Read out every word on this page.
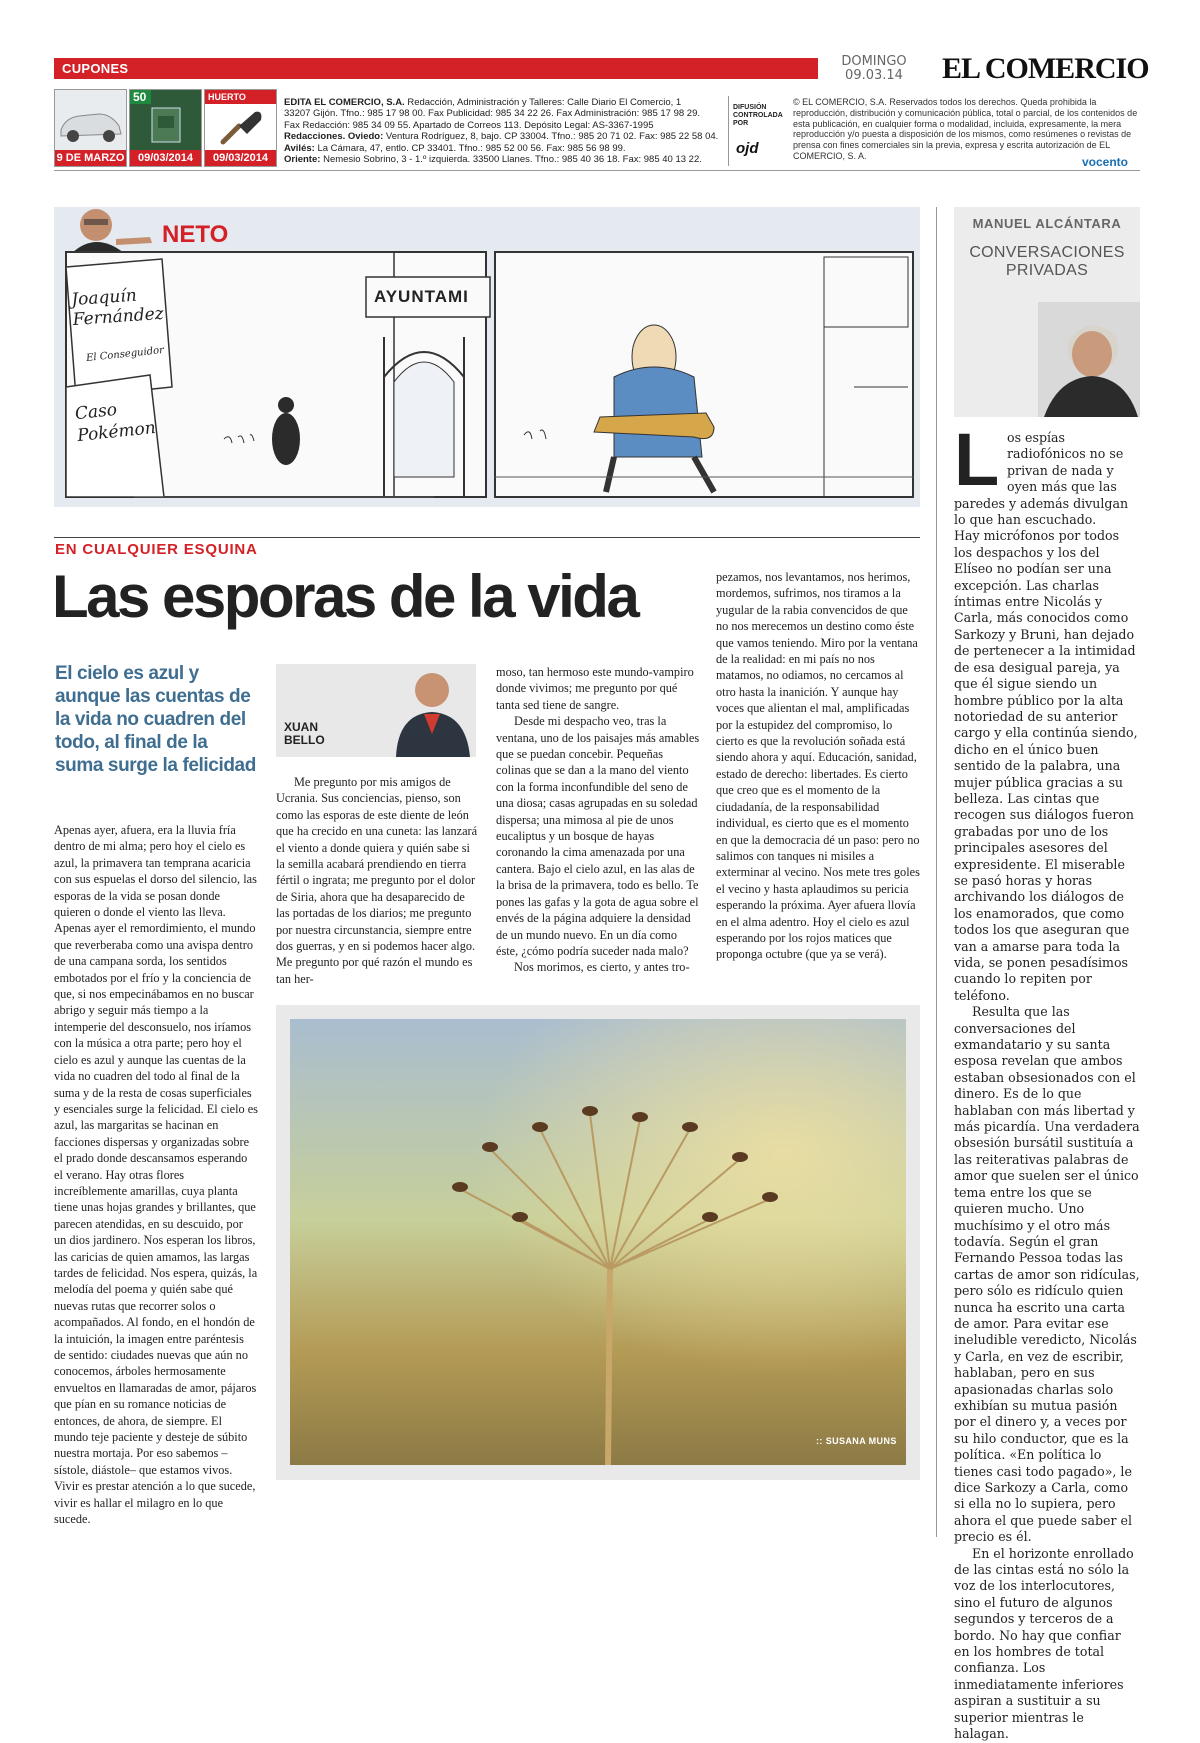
CUPONES	DOMINGO
09.03.14	EL COMERCIO
9 DE MARZO
50
09/03/2014
HUERTO URBANO
09/03/2014
EDITA EL COMERCIO, S.A. Redacción, Administración y Talleres: Calle Diario El Comercio, 1
33207 Gijón. Tfno.: 985 17 98 00. Fax Publicidad: 985 34 22 26. Fax Administración: 985 17 98 29.
Fax Redacción: 985 34 09 55. Apartado de Correos 113. Depósito Legal: AS-3367-1995
Redacciones. Oviedo: Ventura Rodríguez, 8, bajo. CP 33004. Tfno.: 985 20 71 02. Fax: 985 22 58 04.
Avilés: La Cámara, 47, entlo. CP 33401. Tfno.: 985 52 00 56. Fax: 985 56 98 99.
Oriente: Nemesio Sobrino, 3 - 1.º izquierda. 33500 Llanes. Tfno.: 985 40 36 18. Fax: 985 40 13 22.
DIFUSIÓN CONTROLADA POR
ojd
© EL COMERCIO, S.A. Reservados todos los derechos. Queda prohibida la reproducción, distribución y comunicación pública, total o parcial, de los contenidos de esta publicación, en cualquier forma o modalidad, incluida, expresamente, la mera reproducción y/o puesta a disposición de los mismos, como resúmenes o revistas de prensa con fines comerciales sin la previa, expresa y escrita autorización de EL COMERCIO, S. A.	vocento
NETO
Joaquín Fernández
El Conseguidor
Caso Pokémon
AYUNTAMI
EN CUALQUIER ESQUINA
Las esporas de la vida
El cielo es azul y aunque las cuentas de la vida no cuadren del todo, al final de la suma surge la felicidad
XUAN
BELLO

Apenas ayer, afuera, era la lluvia fría dentro de mi alma; pero hoy el cielo es azul, la primavera tan temprana acaricia con sus espuelas el dorso del silencio, las esporas de la vida se posan donde quieren o donde el viento las lleva. Apenas ayer el remordimiento, el mundo que reverberaba como una avispa dentro de una campana sorda, los sentidos embotados por el frío y la conciencia de que, si nos empecinábamos en no buscar abrigo y seguir más tiempo a la intemperie del desconsuelo, nos iríamos con la música a otra parte; pero hoy el cielo es azul y aunque las cuentas de la vida no cuadren del todo al final de la suma y de la resta de cosas superficiales y esenciales surge la felicidad. El cielo es azul, las margaritas se hacinan en facciones dispersas y organizadas sobre el prado donde descansamos esperando el verano. Hay otras flores increíblemente amarillas, cuya planta tiene unas hojas grandes y brillantes, que parecen atendidas, en su descuido, por un dios jardinero. Nos esperan los libros, las caricias de quien amamos, las largas tardes de felicidad. Nos espera, quizás, la melodía del poema y quién sabe qué nuevas rutas que recorrer solos o acompañados. Al fondo, en el hondón de la intuición, la imagen entre paréntesis de sentido: ciudades nuevas que aún no conocemos, árboles hermosamente envueltos en llamaradas de amor, pájaros que pían en su romance noticias de entonces, de ahora, de siempre. El mundo teje paciente y desteje de súbito nuestra mortaja. Por eso sabemos –sístole, diástole– que estamos vivos. Vivir es prestar atención a lo que sucede, vivir es hallar el milagro en lo que sucede.

Me pregunto por mis amigos de Ucrania. Sus conciencias, pienso, son como las esporas de este diente de león que ha crecido en una cuneta: las lanzará el viento a donde quiera y quién sabe si la semilla acabará prendiendo en tierra fértil o ingrata; me pregunto por el dolor de Siria, ahora que ha desaparecido de las portadas de los diarios; me pregunto por nuestra circunstancia, siempre entre dos guerras, y en si podemos hacer algo. Me pregunto por qué razón el mundo es tan her-

moso, tan hermoso este mundo-vampiro donde vivimos; me pregunto por qué tanta sed tiene de sangre.

Desde mi despacho veo, tras la ventana, uno de los paisajes más amables que se puedan concebir. Pequeñas colinas que se dan a la mano del viento con la forma inconfundible del seno de una diosa; casas agrupadas en su soledad dispersa; una mimosa al pie de unos eucaliptus y un bosque de hayas coronando la cima amenazada por una cantera. Bajo el cielo azul, en las alas de la brisa de la primavera, todo es bello. Te pones las gafas y la gota de agua sobre el envés de la página adquiere la densidad de un mundo nuevo. En un día como éste, ¿cómo podría suceder nada malo?

Nos morimos, es cierto, y antes tro-

pezamos, nos levantamos, nos herimos, mordemos, sufrimos, nos tiramos a la yugular de la rabia convencidos de que no nos merecemos un destino como éste que vamos teniendo. Miro por la ventana de la realidad: en mi país no nos matamos, no odiamos, no cercamos al otro hasta la inanición. Y aunque hay voces que alientan el mal, amplificadas por la estupidez del compromiso, lo cierto es que la revolución soñada está siendo ahora y aquí. Educación, sanidad, estado de derecho: libertades. Es cierto que creo que es el momento de la ciudadanía, de la responsabilidad individual, es cierto que es el momento en que la democracia dé un paso: pero no salimos con tanques ni misiles a exterminar al vecino. Nos mete tres goles el vecino y hasta aplaudimos su pericia esperando la próxima. Ayer afuera llovía en el alma adentro. Hoy el cielo es azul esperando por los rojos matices que proponga octubre (que ya se verá).

:: SUSANA MUNS
MANUEL ALCÁNTARA
CONVERSACIONES PRIVADAS
L os espías radiofónicos no se privan de nada y oyen más que las paredes y además divulgan lo que han escuchado.

Hay micrófonos por todos los despachos y los del Elíseo no podían ser una excepción. Las charlas íntimas entre Nicolás y Carla, más conocidos como Sarkozy y Bruni, han dejado de pertenecer a la intimidad de esa desigual pareja, ya que él sigue siendo un hombre público por la alta notoriedad de su anterior cargo y ella continúa siendo, dicho en el único buen sentido de la palabra, una mujer pública gracias a su belleza. Las cintas que recogen sus diálogos fueron grabadas por uno de los principales asesores del expresidente. El miserable se pasó horas y horas archivando los diálogos de los enamorados, que como todos los que aseguran que van a amarse para toda la vida, se ponen pesadísimos cuando lo repiten por teléfono.

Resulta que las conversaciones del exmandatario y su santa esposa revelan que ambos estaban obsesionados con el dinero. Es de lo que hablaban con más libertad y más picardía. Una verdadera obsesión bursátil sustituía a las reiterativas palabras de amor que suelen ser el único tema entre los que se quieren mucho. Uno muchísimo y el otro más todavía. Según el gran Fernando Pessoa todas las cartas de amor son ridículas, pero sólo es ridículo quien nunca ha escrito una carta de amor. Para evitar ese ineludible veredicto, Nicolás y Carla, en vez de escribir, hablaban, pero en sus apasionadas charlas solo exhibían su mutua pasión por el dinero y, a veces por su hilo conductor, que es la política. «En política lo tienes casi todo pagado», le dice Sarkozy a Carla, como si ella no lo supiera, pero ahora el que puede saber el precio es él.

En el horizonte enrollado de las cintas está no sólo la voz de los interlocutores, sino el futuro de algunos segundos y terceros de a bordo. No hay que confiar en los hombres de total confianza. Los inmediatamente inferiores aspiran a sustituir a su superior mientras le halagan.
